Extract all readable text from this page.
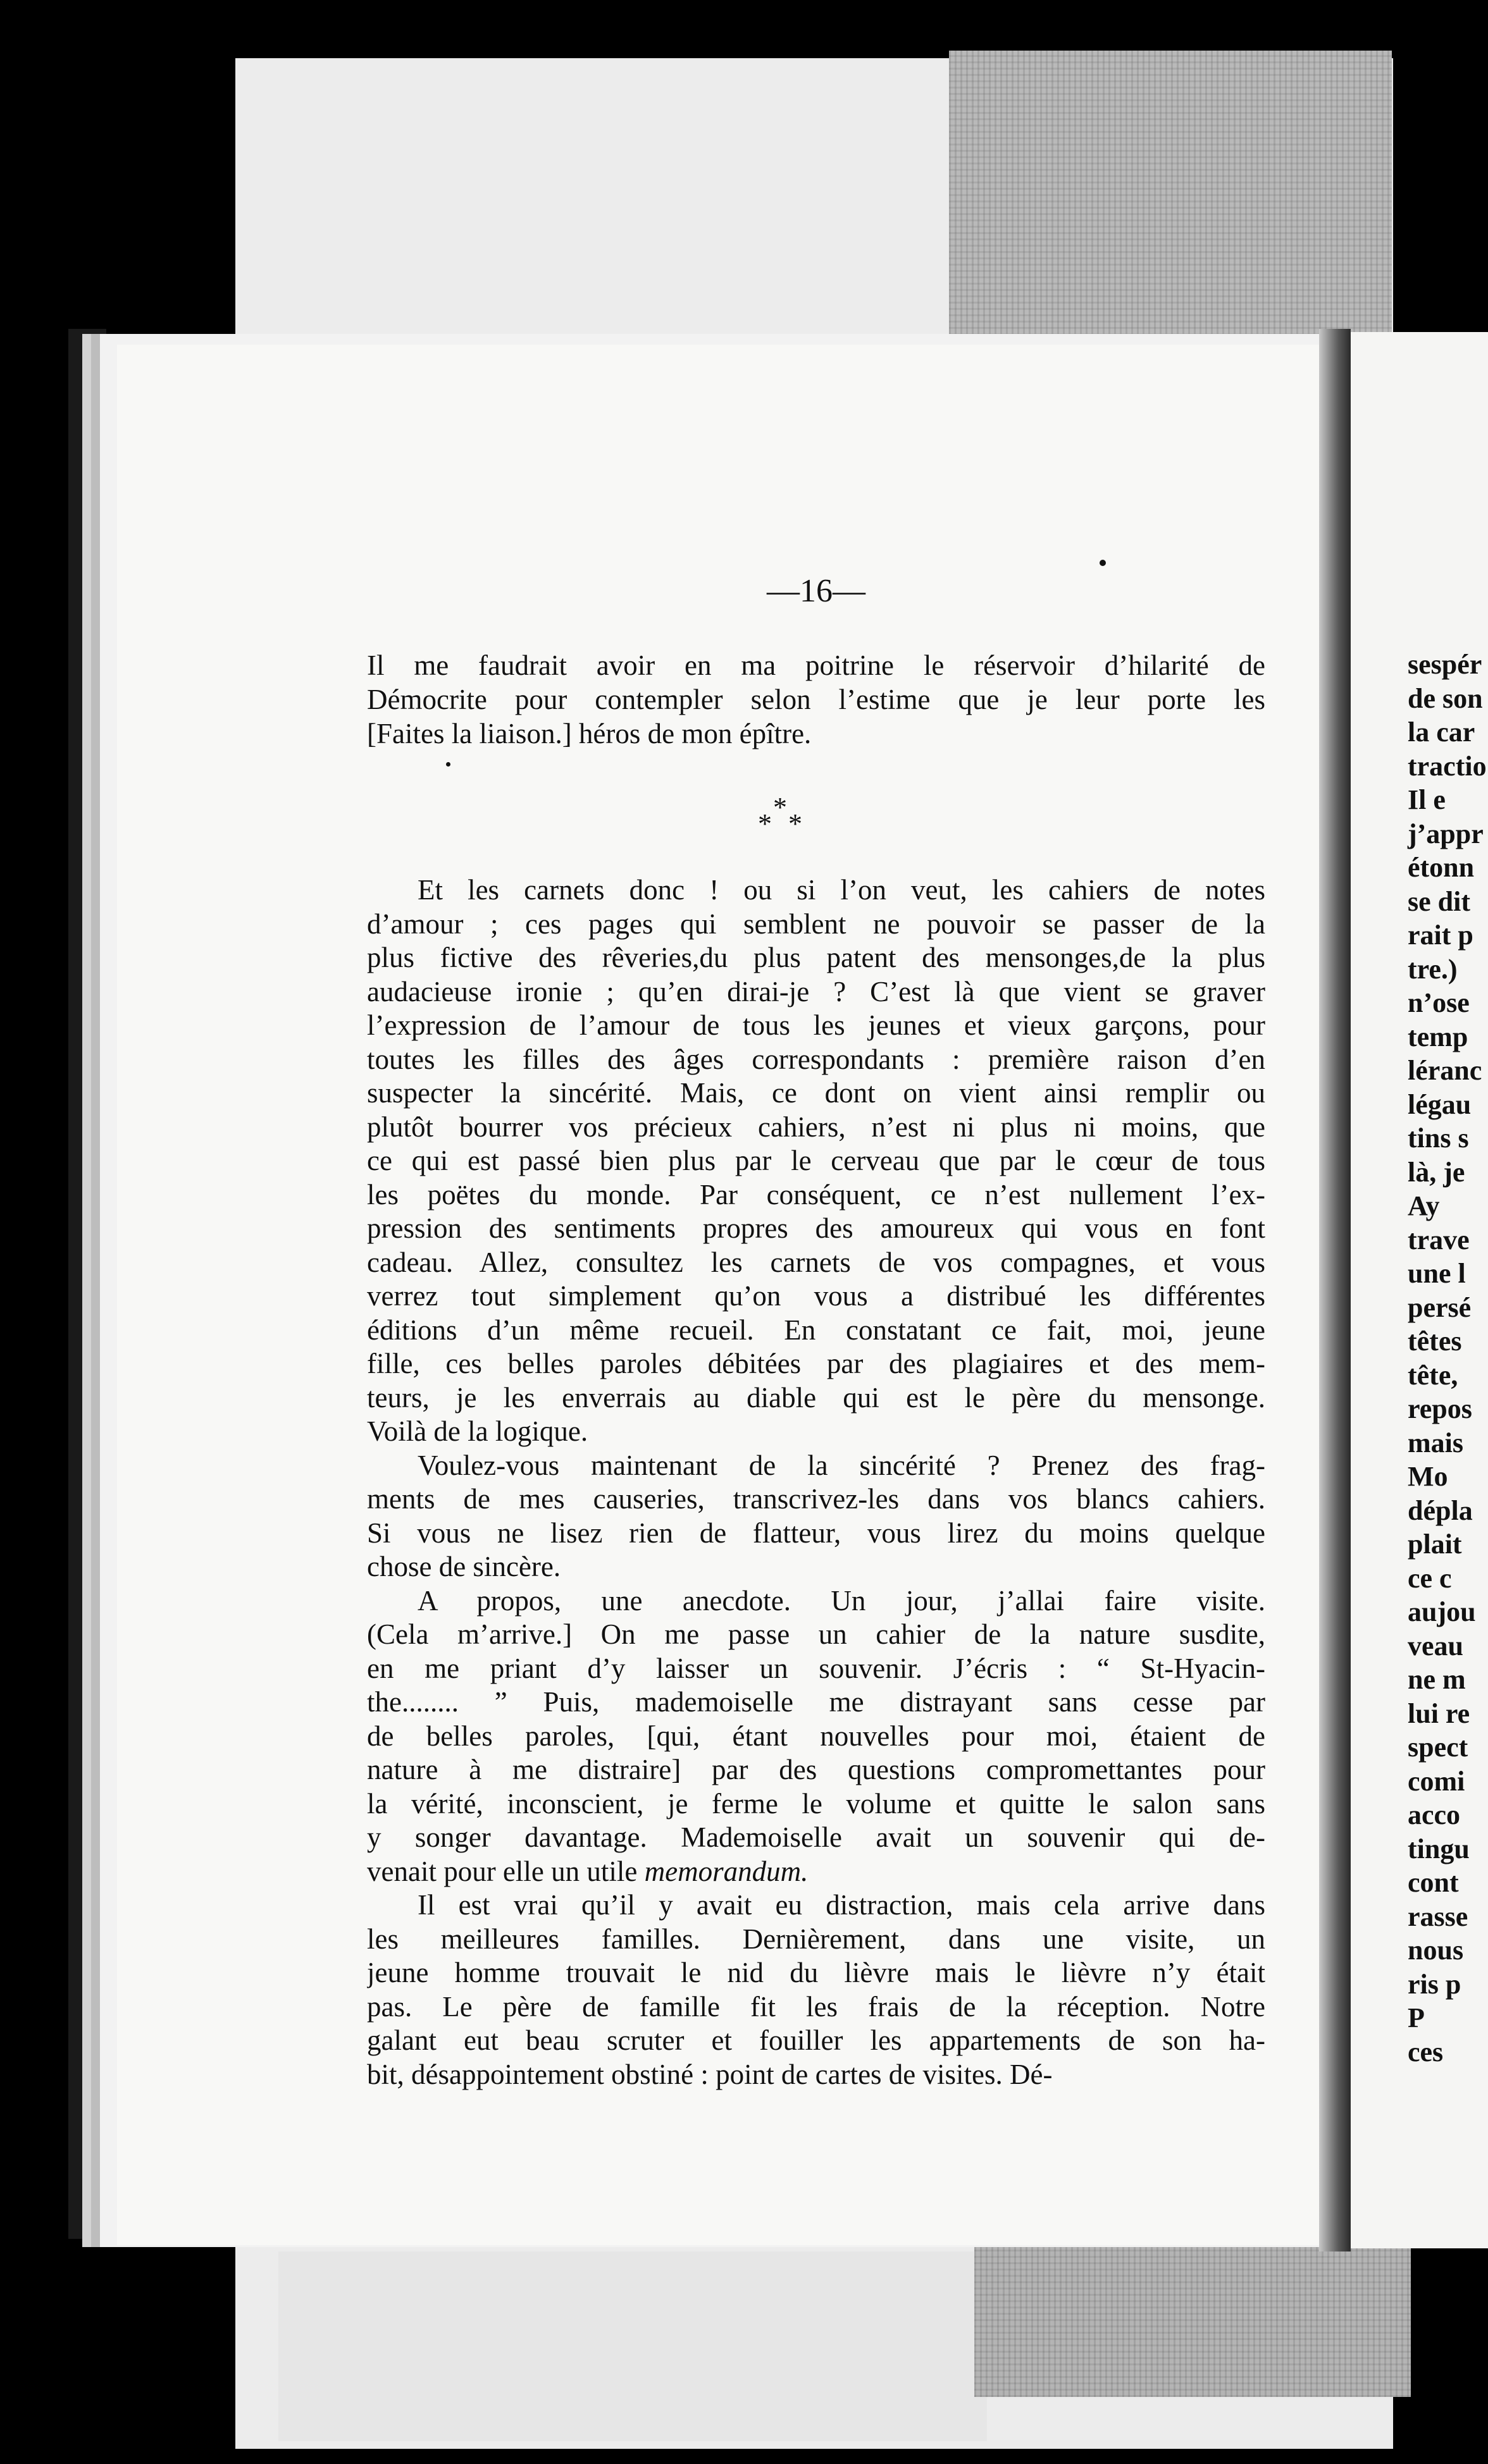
sespér
de son
la car
tractio
Il e
j’appr
étonn
se dit
rait p
tre.)
n’ose
temp
léranc
légau
tins s
là, je
Ay
trave
une l
persé
têtes
tête,
repos
mais
Mo
dépla
plait
ce c
aujou
veau
ne m
lui re
spect
comi
acco
tingu
cont
rasse
nous
ris p
P
ces
—16—
Il me faudrait avoir en ma poitrine le réservoir d’hilarité de
Démocrite pour contempler selon l’estime que je leur porte les
[Faites la liaison.] héros de mon épître.
*
* *
Et les carnets donc ! ou si l’on veut, les cahiers de notes
d’amour ; ces pages qui semblent ne pouvoir se passer de la
plus fictive des rêveries,du plus patent des mensonges,de la plus
audacieuse ironie ; qu’en dirai-je ? C’est là que vient se graver
l’expression de l’amour de tous les jeunes et vieux garçons, pour
toutes les filles des âges correspondants : première raison d’en
suspecter la sincérité. Mais, ce dont on vient ainsi remplir ou
plutôt bourrer vos précieux cahiers, n’est ni plus ni moins, que
ce qui est passé bien plus par le cerveau que par le cœur de tous
les poëtes du monde. Par conséquent, ce n’est nullement l’ex-
pression des sentiments propres des amoureux qui vous en font
cadeau. Allez, consultez les carnets de vos compagnes, et vous
verrez tout simplement qu’on vous a distribué les différentes
éditions d’un même recueil. En constatant ce fait, moi, jeune
fille, ces belles paroles débitées par des plagiaires et des mem-
teurs, je les enverrais au diable qui est le père du mensonge.
Voilà de la logique.
Voulez-vous maintenant de la sincérité ? Prenez des frag-
ments de mes causeries, transcrivez-les dans vos blancs cahiers.
Si vous ne lisez rien de flatteur, vous lirez du moins quelque
chose de sincère.
A propos, une anecdote. Un jour, j’allai faire visite.
(Cela m’arrive.] On me passe un cahier de la nature susdite,
en me priant d’y laisser un souvenir. J’écris : “ St-Hyacin-
the........ ” Puis, mademoiselle me distrayant sans cesse par
de belles paroles, [qui, étant nouvelles pour moi, étaient de
nature à me distraire] par des questions compromettantes pour
la vérité, inconscient, je ferme le volume et quitte le salon sans
y songer davantage. Mademoiselle avait un souvenir qui de-
venait pour elle un utile memorandum.
Il est vrai qu’il y avait eu distraction, mais cela arrive dans
les meilleures familles. Dernièrement, dans une visite, un
jeune homme trouvait le nid du lièvre mais le lièvre n’y était
pas. Le père de famille fit les frais de la réception. Notre
galant eut beau scruter et fouiller les appartements de son ha-
bit, désappointement obstiné : point de cartes de visites. Dé-
